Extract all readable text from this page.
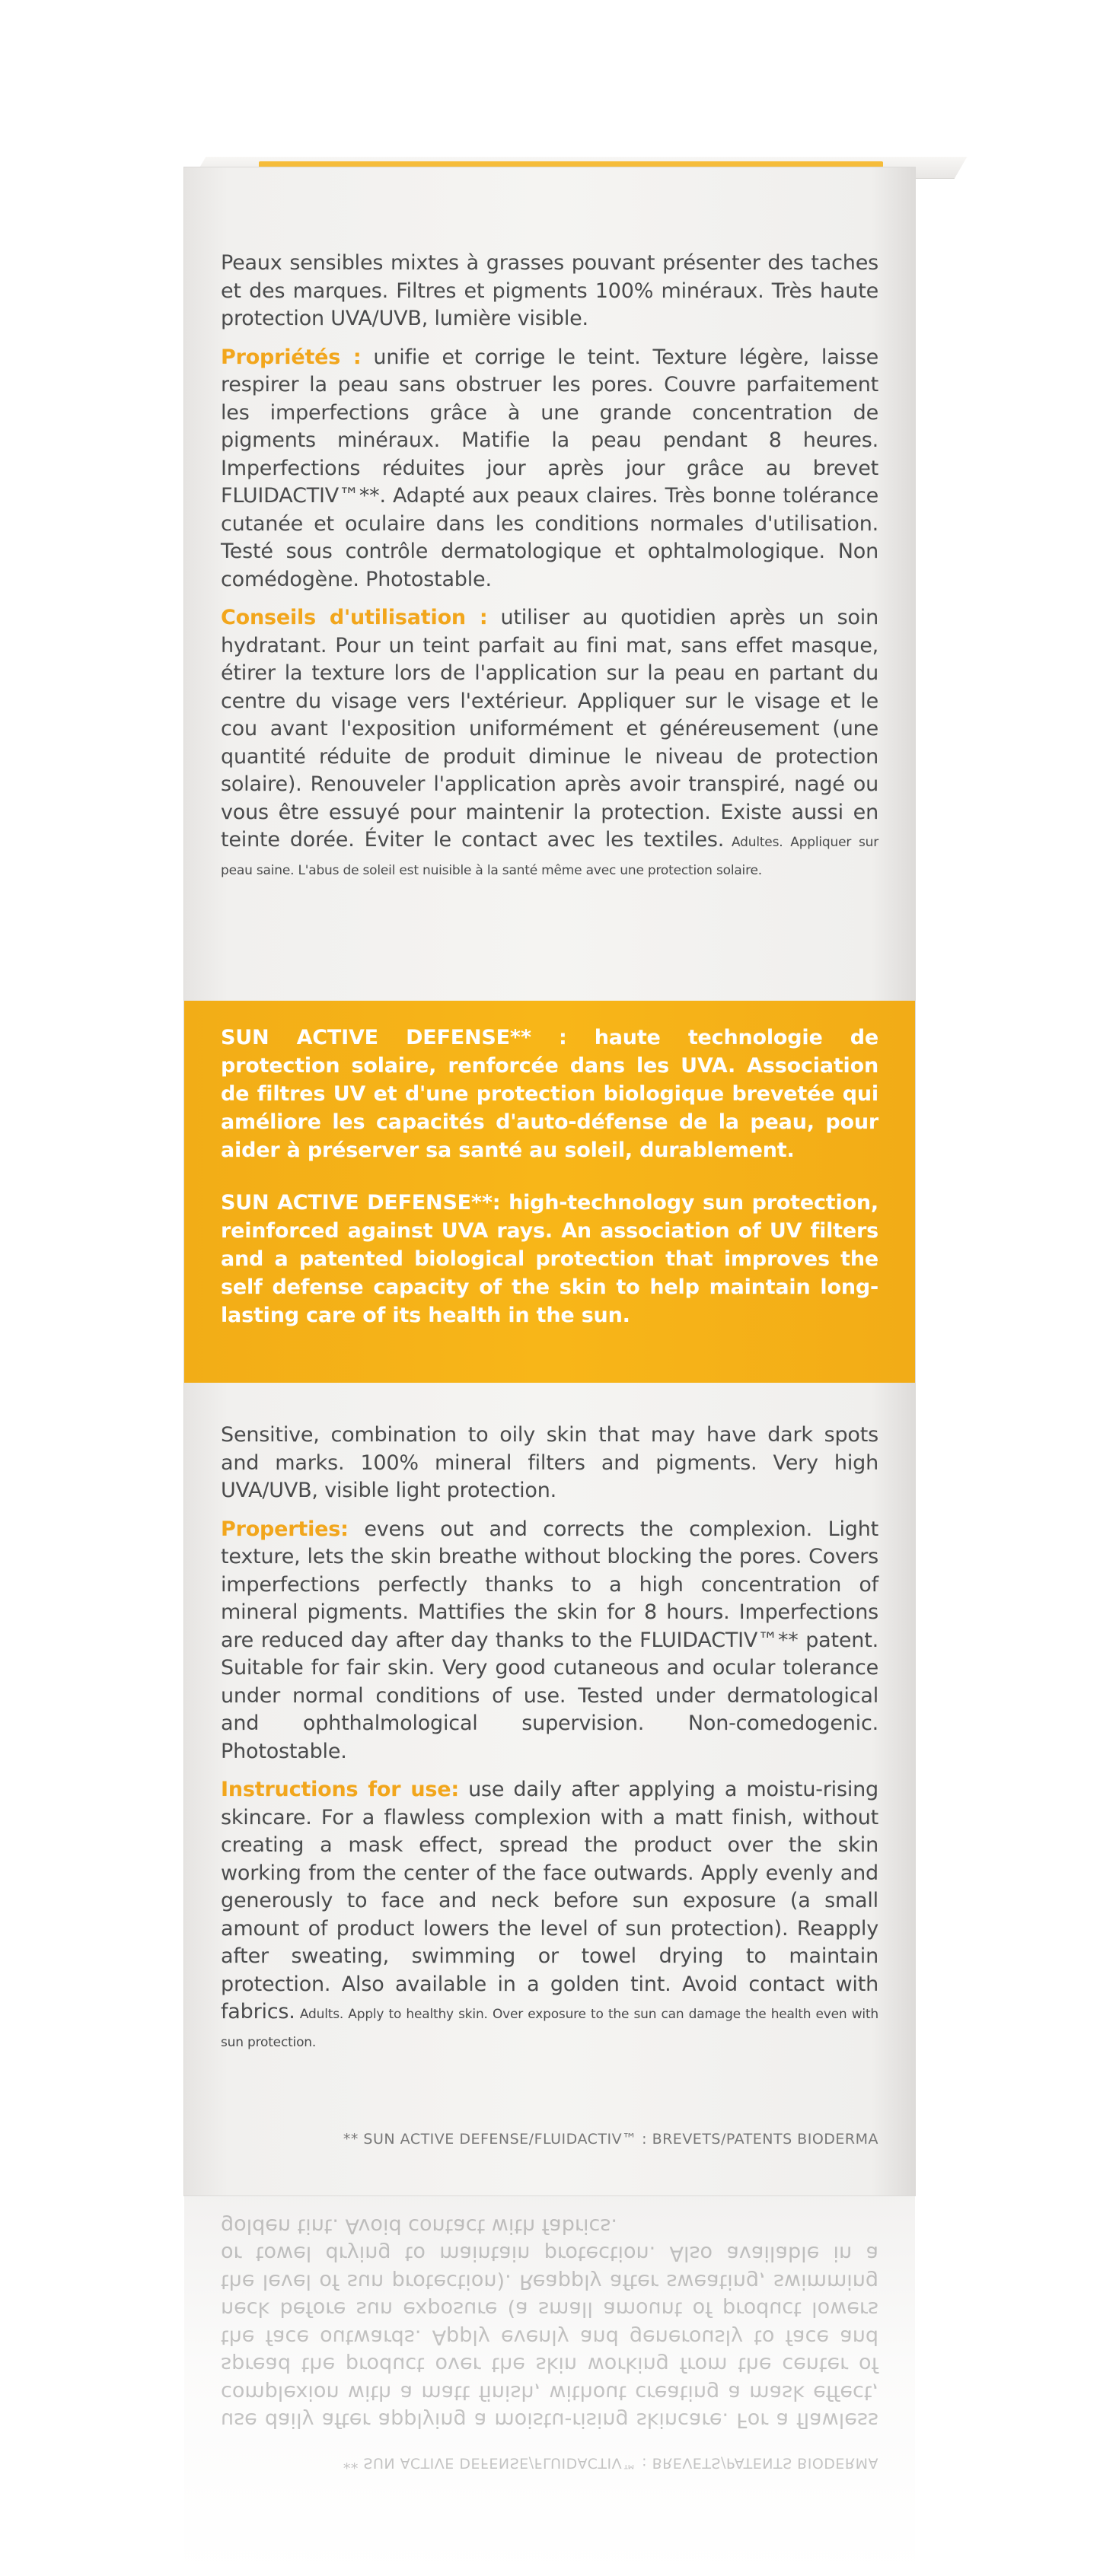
Peaux sensibles mixtes à grasses pouvant présenter des taches et des marques. Filtres et pigments 100% minéraux. Très haute protection UVA/UVB, lumière visible.

Propriétés : unifie et corrige le teint. Texture légère, laisse respirer la peau sans obstruer les pores. Couvre parfaitement les imperfections grâce à une grande concentration de pigments minéraux. Matifie la peau pendant 8 heures. Imperfections réduites jour après jour grâce au brevet FLUIDACTIV™**. Adapté aux peaux claires. Très bonne tolérance cutanée et oculaire dans les conditions normales d'utilisation. Testé sous contrôle dermatologique et ophtalmologique. Non comédogène. Photostable.

Conseils d'utilisation : utiliser au quotidien après un soin hydratant. Pour un teint parfait au fini mat, sans effet masque, étirer la texture lors de l'application sur la peau en partant du centre du visage vers l'extérieur. Appliquer sur le visage et le cou avant l'exposition uniformément et généreusement (une quantité réduite de produit diminue le niveau de protection solaire). Renouveler l'application après avoir transpiré, nagé ou vous être essuyé pour maintenir la protection. Existe aussi en teinte dorée. Éviter le contact avec les textiles. Adultes. Appliquer sur peau saine. L'abus de soleil est nuisible à la santé même avec une protection solaire.

SUN ACTIVE DEFENSE** : haute technologie de protection solaire, renforcée dans les UVA. Association de filtres UV et d'une protection biologique brevetée qui améliore les capacités d'auto-défense de la peau, pour aider à préserver sa santé au soleil, durablement.

SUN ACTIVE DEFENSE**: high-technology sun protection, reinforced against UVA rays. An association of UV filters and a patented biological protection that improves the self defense capacity of the skin to help maintain long-lasting care of its health in the sun.

Sensitive, combination to oily skin that may have dark spots and marks. 100% mineral filters and pigments. Very high UVA/UVB, visible light protection.

Properties: evens out and corrects the complexion. Light texture, lets the skin breathe without blocking the pores. Covers imperfections perfectly thanks to a high concentration of mineral pigments. Mattifies the skin for 8 hours. Imperfections are reduced day after day thanks to the FLUIDACTIV™** patent. Suitable for fair skin. Very good cutaneous and ocular tolerance under normal conditions of use. Tested under dermatological and ophthalmological supervision. Non-comedogenic. Photostable.

Instructions for use: use daily after applying a moistu-rising skincare. For a flawless complexion with a matt finish, without creating a mask effect, spread the product over the skin working from the center of the face outwards. Apply evenly and generously to face and neck before sun exposure (a small amount of product lowers the level of sun protection). Reapply after sweating, swimming or towel drying to maintain protection. Also available in a golden tint. Avoid contact with fabrics. Adults. Apply to healthy skin. Over exposure to the sun can damage the health even with sun protection.

** SUN ACTIVE DEFENSE/FLUIDACTIV™ : BREVETS/PATENTS BIODERMA
** SUN ACTIVE DEFENSE/FLUIDACTIV™ : BREVETS/PATENTS BIODERMA
use daily after applying a moistu-rising skincare. For a flawless complexion with a matt finish, without creating a mask effect, spread the product over the skin working from the center of the face outwards. Apply evenly and generously to face and neck before sun exposure (a small amount of product lowers the level of sun protection). Reapply after sweating, swimming or towel drying to maintain protection. Also available in a golden tint. Avoid contact with fabrics.
